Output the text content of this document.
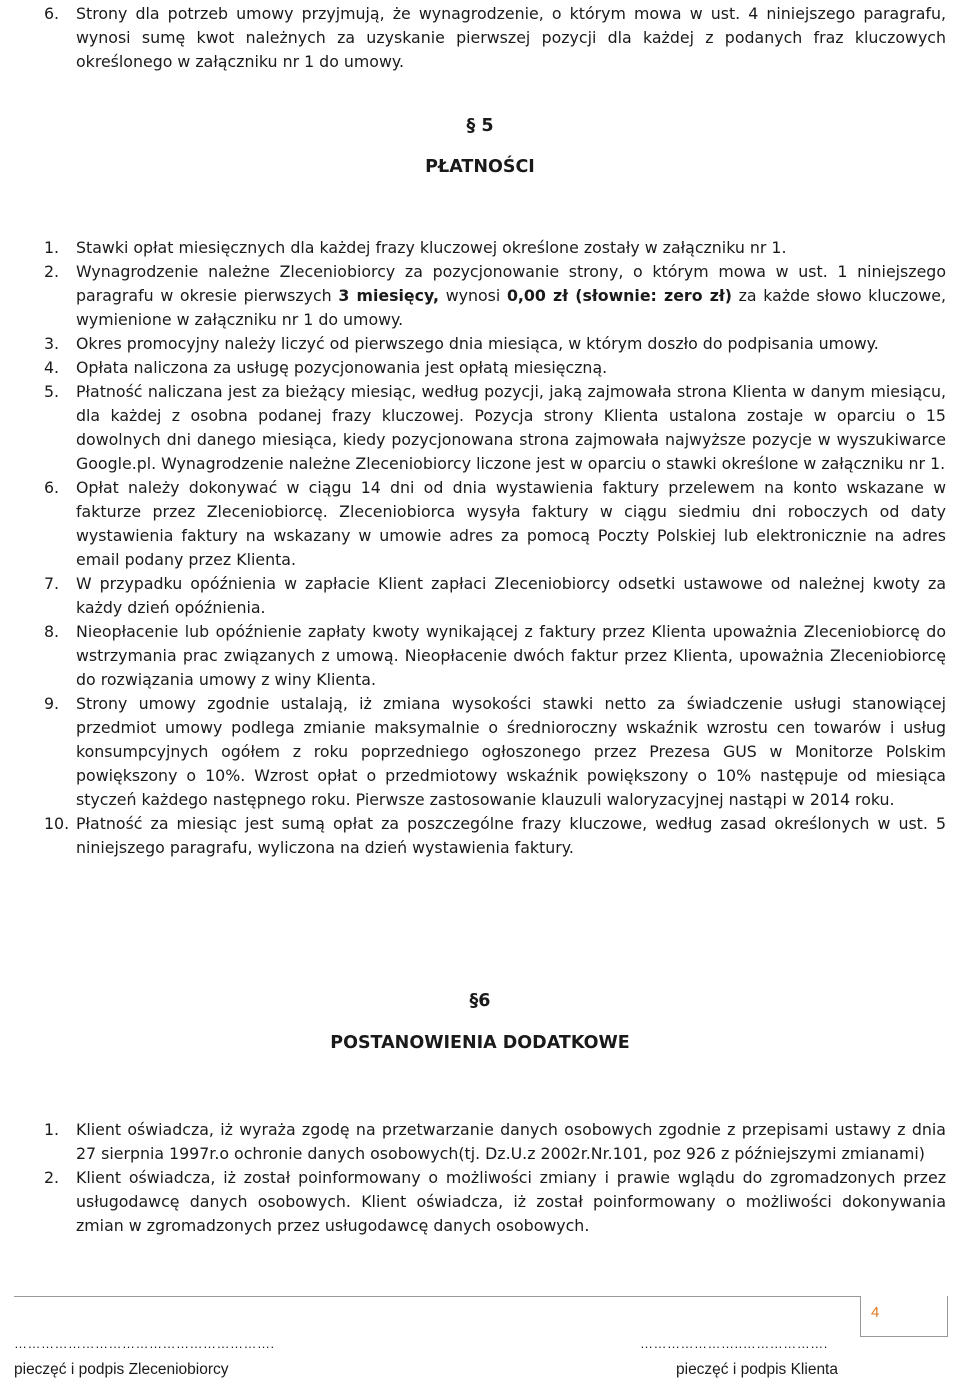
6.	Strony dla potrzeb umowy przyjmują, że wynagrodzenie, o którym mowa w ust. 4 niniejszego paragrafu, wynosi sumę kwot należnych za uzyskanie pierwszej pozycji dla każdej z podanych fraz kluczowych określonego w załączniku nr 1 do umowy.
§ 5
PŁATNOŚCI
1.	Stawki opłat miesięcznych dla każdej frazy kluczowej określone zostały w załączniku nr 1.
2.	Wynagrodzenie należne Zleceniobiorcy za pozycjonowanie strony, o którym mowa w ust. 1 niniejszego paragrafu w okresie pierwszych 3 miesięcy, wynosi 0,00 zł (słownie: zero zł) za każde słowo kluczowe, wymienione w załączniku nr 1 do umowy.
3.	Okres promocyjny należy liczyć od pierwszego dnia miesiąca, w którym doszło do podpisania umowy.
4.	Opłata naliczona za usługę pozycjonowania jest opłatą miesięczną.
5.	Płatność naliczana jest za bieżący miesiąc, według pozycji, jaką zajmowała strona Klienta w danym miesiącu, dla każdej z osobna podanej frazy kluczowej. Pozycja strony Klienta ustalona zostaje w oparciu o 15 dowolnych dni danego miesiąca, kiedy pozycjonowana strona zajmowała najwyższe pozycje w wyszukiwarce Google.pl. Wynagrodzenie należne Zleceniobiorcy liczone jest w oparciu o stawki określone w załączniku nr 1.
6.	Opłat należy dokonywać w ciągu 14 dni od dnia wystawienia faktury przelewem na konto wskazane w fakturze przez Zleceniobiorcę. Zleceniobiorca wysyła faktury w ciągu siedmiu dni roboczych od daty wystawienia faktury na wskazany w umowie adres za pomocą Poczty Polskiej lub elektronicznie na adres email podany przez Klienta.
7.	W przypadku opóźnienia w zapłacie Klient zapłaci Zleceniobiorcy odsetki ustawowe od należnej kwoty za każdy dzień opóźnienia.
8.	Nieopłacenie lub opóźnienie zapłaty kwoty wynikającej z faktury przez Klienta upoważnia Zleceniobiorcę do wstrzymania prac związanych z umową. Nieopłacenie dwóch faktur przez Klienta, upoważnia Zleceniobiorcę do rozwiązania umowy z winy Klienta.
9.	Strony umowy zgodnie ustalają, iż zmiana wysokości stawki netto za świadczenie usługi stanowiącej przedmiot umowy podlega zmianie maksymalnie o średnioroczny wskaźnik wzrostu cen towarów i usług konsumpcyjnych ogółem z roku poprzedniego ogłoszonego przez Prezesa GUS w Monitorze Polskim powiększony o 10%. Wzrost opłat o przedmiotowy wskaźnik powiększony o 10% następuje od miesiąca styczeń każdego następnego roku. Pierwsze zastosowanie klauzuli waloryzacyjnej nastąpi w 2014 roku.
10. Płatność za miesiąc jest sumą opłat za poszczególne frazy kluczowe, według zasad określonych w ust. 5 niniejszego paragrafu, wyliczona na dzień wystawienia faktury.
§6
POSTANOWIENIA DODATKOWE
1.	Klient oświadcza, iż wyraża zgodę na przetwarzanie danych osobowych zgodnie z przepisami ustawy z dnia 27 sierpnia 1997r.o ochronie danych osobowych(tj. Dz.U.z 2002r.Nr.101, poz 926 z późniejszymi zmianami)
2.	Klient oświadcza, iż został poinformowany o możliwości zmiany i prawie wglądu do zgromadzonych przez usługodawcę danych osobowych. Klient oświadcza, iż został poinformowany o możliwości dokonywania zmian w zgromadzonych przez usługodawcę danych osobowych.
4
………………………………………………….	…………………..……………….
pieczęć i podpis Zleceniobiorcy	pieczęć i podpis Klienta
